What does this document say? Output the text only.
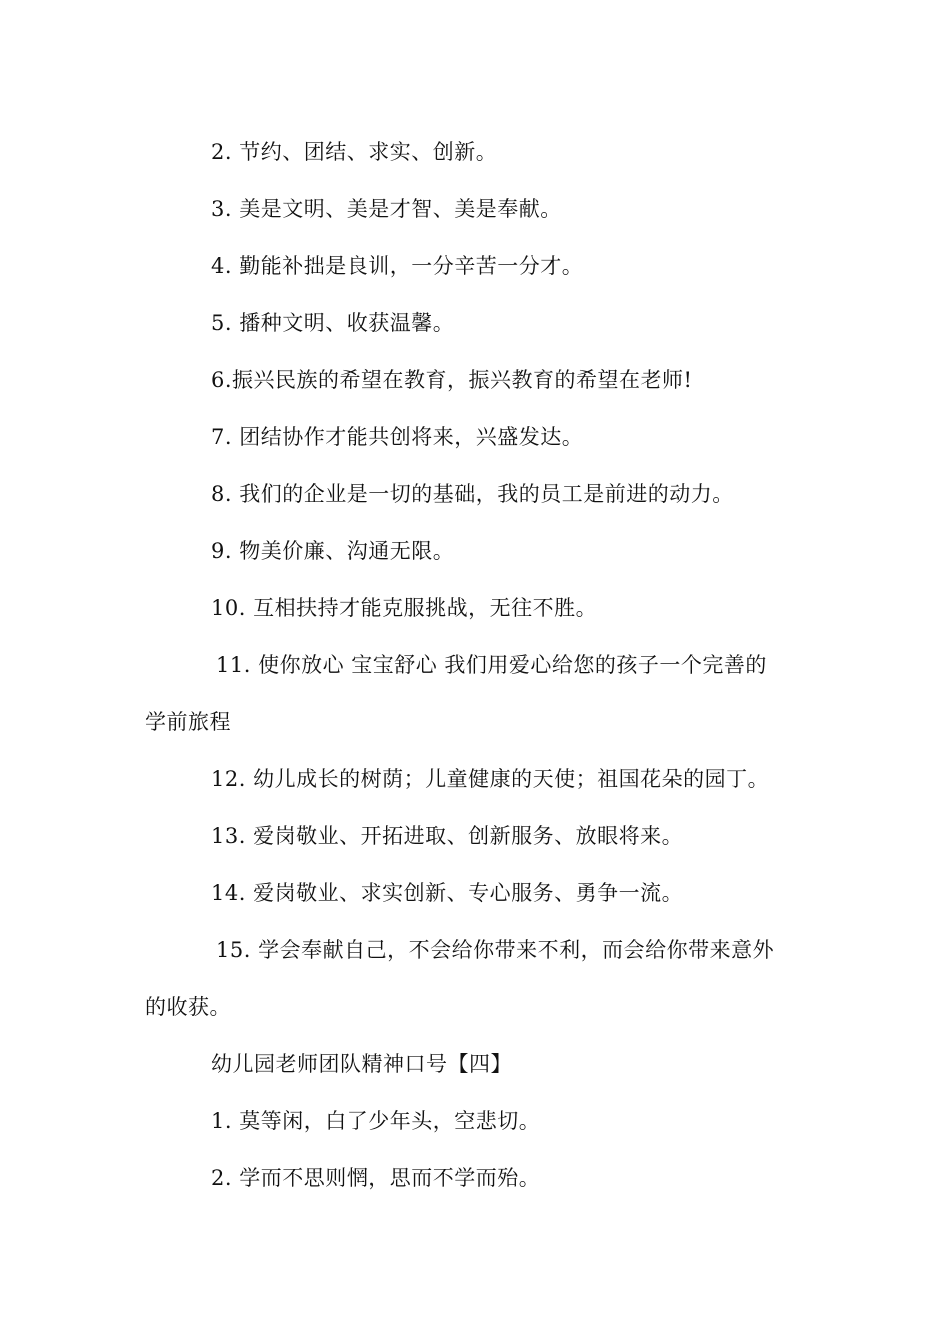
2. 节约、团结、求实、创新。
3. 美是文明、美是才智、美是奉献。
4. 勤能补拙是良训，一分辛苦一分才。
5. 播种文明、收获温馨。
6.振兴民族的希望在教育，振兴教育的希望在老师!
7. 团结协作才能共创将来，兴盛发达。
8. 我们的企业是一切的基础，我的员工是前进的动力。
9. 物美价廉、沟通无限。
10. 互相扶持才能克服挑战，无往不胜。
11. 使你放心 宝宝舒心 我们用爱心给您的孩子一个完善的
学前旅程
12. 幼儿成长的树荫；儿童健康的天使；祖国花朵的园丁。
13. 爱岗敬业、开拓进取、创新服务、放眼将来。
14. 爱岗敬业、求实创新、专心服务、勇争一流。
15. 学会奉献自己，不会给你带来不利，而会给你带来意外
的收获。
幼儿园老师团队精神口号【四】
1. 莫等闲，白了少年头，空悲切。
2. 学而不思则惘，思而不学而殆。
